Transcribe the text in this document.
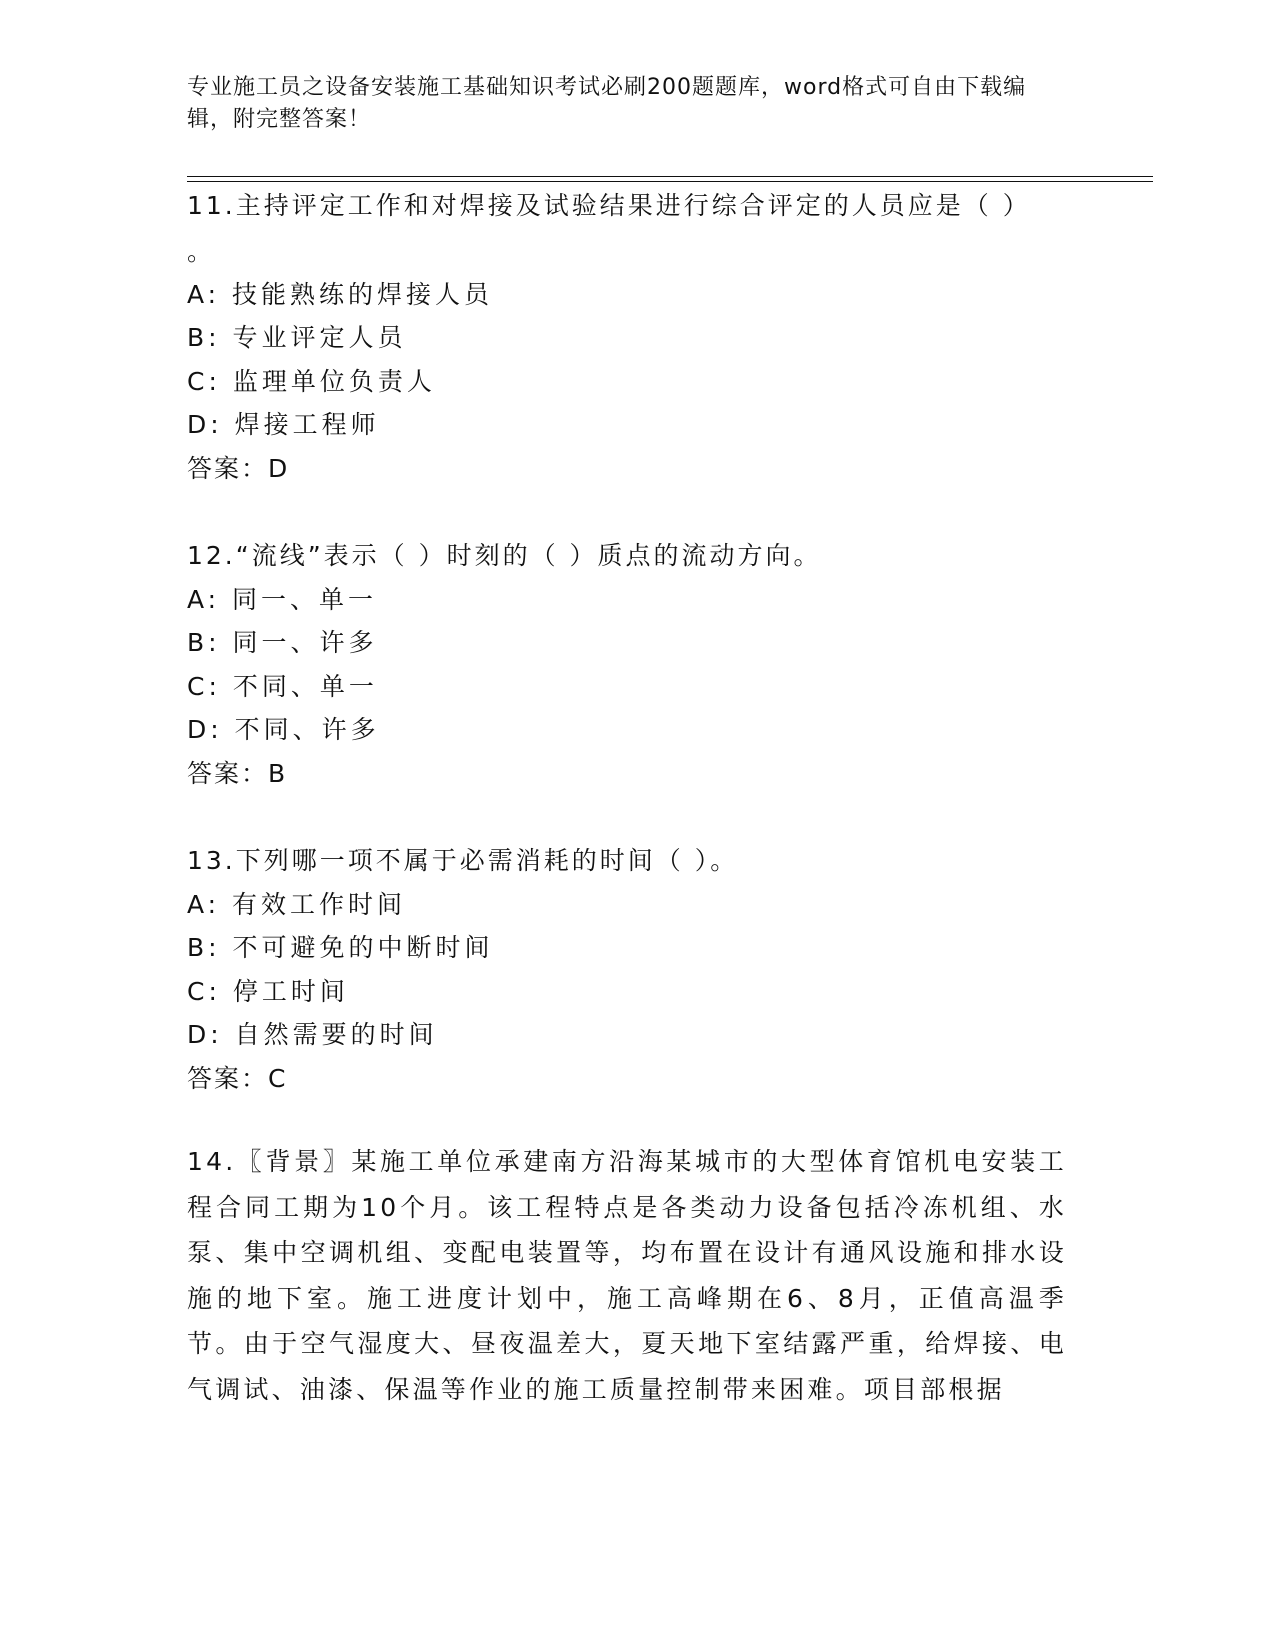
专业施工员之设备安装施工基础知识考试必刷200题题库，word格式可自由下载编辑，附完整答案！
11.主持评定工作和对焊接及试验结果进行综合评定的人员应是（ ）
。
A: 技能熟练的焊接人员
B: 专业评定人员
C: 监理单位负责人
D: 焊接工程师
答案：D
12.“流线”表示（ ）时刻的（ ）质点的流动方向。
A: 同一、单一
B: 同一、许多
C: 不同、单一
D: 不同、许多
答案：B
13.下列哪一项不属于必需消耗的时间（ ）。
A: 有效工作时间
B: 不可避免的中断时间
C: 停工时间
D: 自然需要的时间
答案：C
14.〖背景〗某施工单位承建南方沿海某城市的大型体育馆机电安装工程合同工期为10个月。该工程特点是各类动力设备包括冷冻机组、水泵、集中空调机组、变配电装置等，均布置在设计有通风设施和排水设施的地下室。施工进度计划中，施工高峰期在6、8月，正值高温季节。由于空气湿度大、昼夜温差大，夏天地下室结露严重，给焊接、电气调试、油漆、保温等作业的施工质量控制带来困难。项目部根据
